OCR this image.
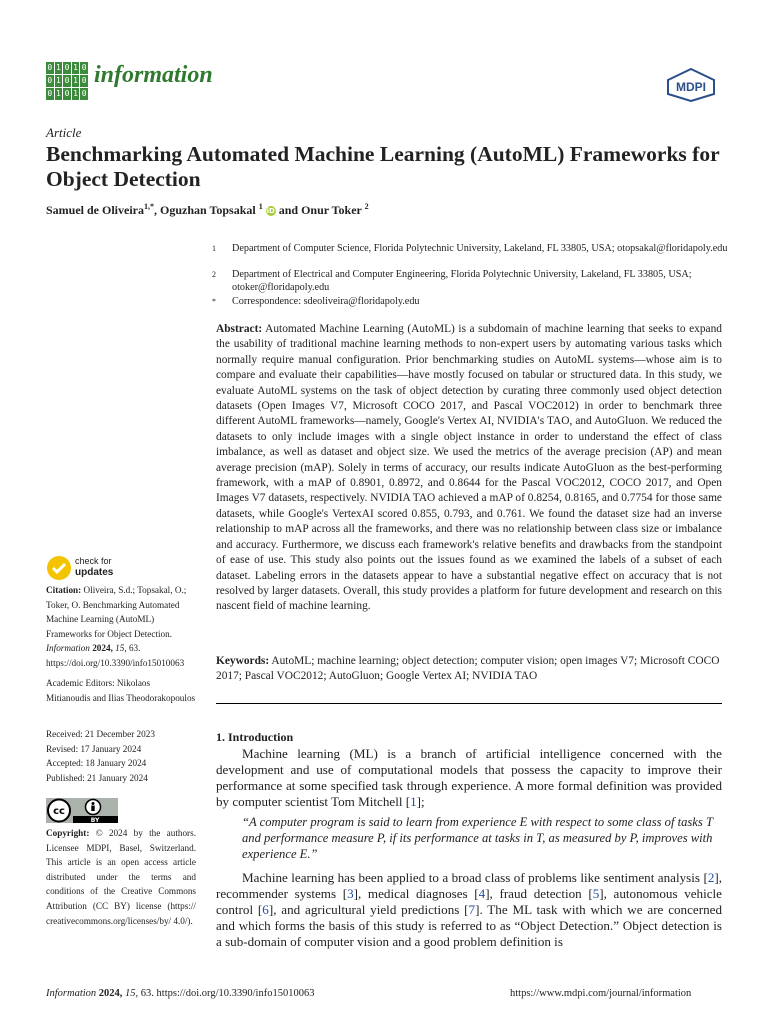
0 1 0 1 0
0 1 0 1 0
0 1 0 1 0
information	MDPI
Article
Benchmarking Automated Machine Learning (AutoML) Frameworks for Object Detection
Samuel de Oliveira$^{1,*}$, Oguzhan Topsakal $^1$ iD and Onur Toker $^2$
1 Department of Computer Science, Florida Polytechnic University, Lakeland, FL 33805, USA; otopsakal@floridapoly.edu
2 Department of Electrical and Computer Engineering, Florida Polytechnic University, Lakeland, FL 33805, USA; otoker@floridapoly.edu
* Correspondence: sdeoliveira@floridapoly.edu
Abstract: Automated Machine Learning (AutoML) is a subdomain of machine learning that seeks to expand the usability of traditional machine learning methods to non-expert users by automating various tasks which normally require manual configuration. Prior benchmarking studies on AutoML systems—whose aim is to compare and evaluate their capabilities—have mostly focused on tabular or structured data. In this study, we evaluate AutoML systems on the task of object detection by curating three commonly used object detection datasets (Open Images V7, Microsoft COCO 2017, and Pascal VOC2012) in order to benchmark three different AutoML frameworks—namely, Google's Vertex AI, NVIDIA's TAO, and AutoGluon. We reduced the datasets to only include images with a single object instance in order to understand the effect of class imbalance, as well as dataset and object size. We used the metrics of the average precision (AP) and mean average precision (mAP). Solely in terms of accuracy, our results indicate AutoGluon as the best-performing framework, with a mAP of 0.8901, 0.8972, and 0.8644 for the Pascal VOC2012, COCO 2017, and Open Images V7 datasets, respectively. NVIDIA TAO achieved a mAP of 0.8254, 0.8165, and 0.7754 for those same datasets, while Google's VertexAI scored 0.855, 0.793, and 0.761. We found the dataset size had an inverse relationship to mAP across all the frameworks, and there was no relationship between class size or imbalance and accuracy. Furthermore, we discuss each framework's relative benefits and drawbacks from the standpoint of ease of use. This study also points out the issues found as we examined the labels of a subset of each dataset. Labeling errors in the datasets appear to have a substantial negative effect on accuracy that is not resolved by larger datasets. Overall, this study provides a platform for future development and research on this nascent field of machine learning.
Keywords: AutoML; machine learning; object detection; computer vision; open images V7; Microsoft COCO 2017; Pascal VOC2012; AutoGluon; Google Vertex AI; NVIDIA TAO
1. Introduction

Machine learning (ML) is a branch of artificial intelligence concerned with the development and use of computational models that possess the capacity to improve their performance at some specified task through experience. A more formal definition was provided by computer scientist Tom Mitchell [1];

“A computer program is said to learn from experience E with respect to some class of tasks T and performance measure P, if its performance at tasks in T, as measured by P, improves with experience E.”

Machine learning has been applied to a broad class of problems like sentiment analysis [2], recommender systems [3], medical diagnoses [4], fraud detection [5], autonomous vehicle control [6], and agricultural yield predictions [7]. The ML task with which we are concerned and which forms the basis of this study is referred to as “Object Detection.” Object detection is a sub-domain of computer vision and a good problem definition is

check for
updates
Citation: Oliveira, S.d.; Topsakal, O.; Toker, O. Benchmarking Automated Machine Learning (AutoML) Frameworks for Object Detection. Information 2024, 15, 63. https://doi.org/10.3390/info15010063
Academic Editors: Nikolaos Mitianoudis and Ilias Theodorakopoulos
Received: 21 December 2023
Revised: 17 January 2024
Accepted: 18 January 2024
Published: 21 January 2024
cc
BY
Copyright: © 2024 by the authors. Licensee MDPI, Basel, Switzerland. This article is an open access article distributed under the terms and conditions of the Creative Commons Attribution (CC BY) license (https:// creativecommons.org/licenses/by/ 4.0/).
Information 2024, 15, 63. https://doi.org/10.3390/info15010063	https://www.mdpi.com/journal/information
